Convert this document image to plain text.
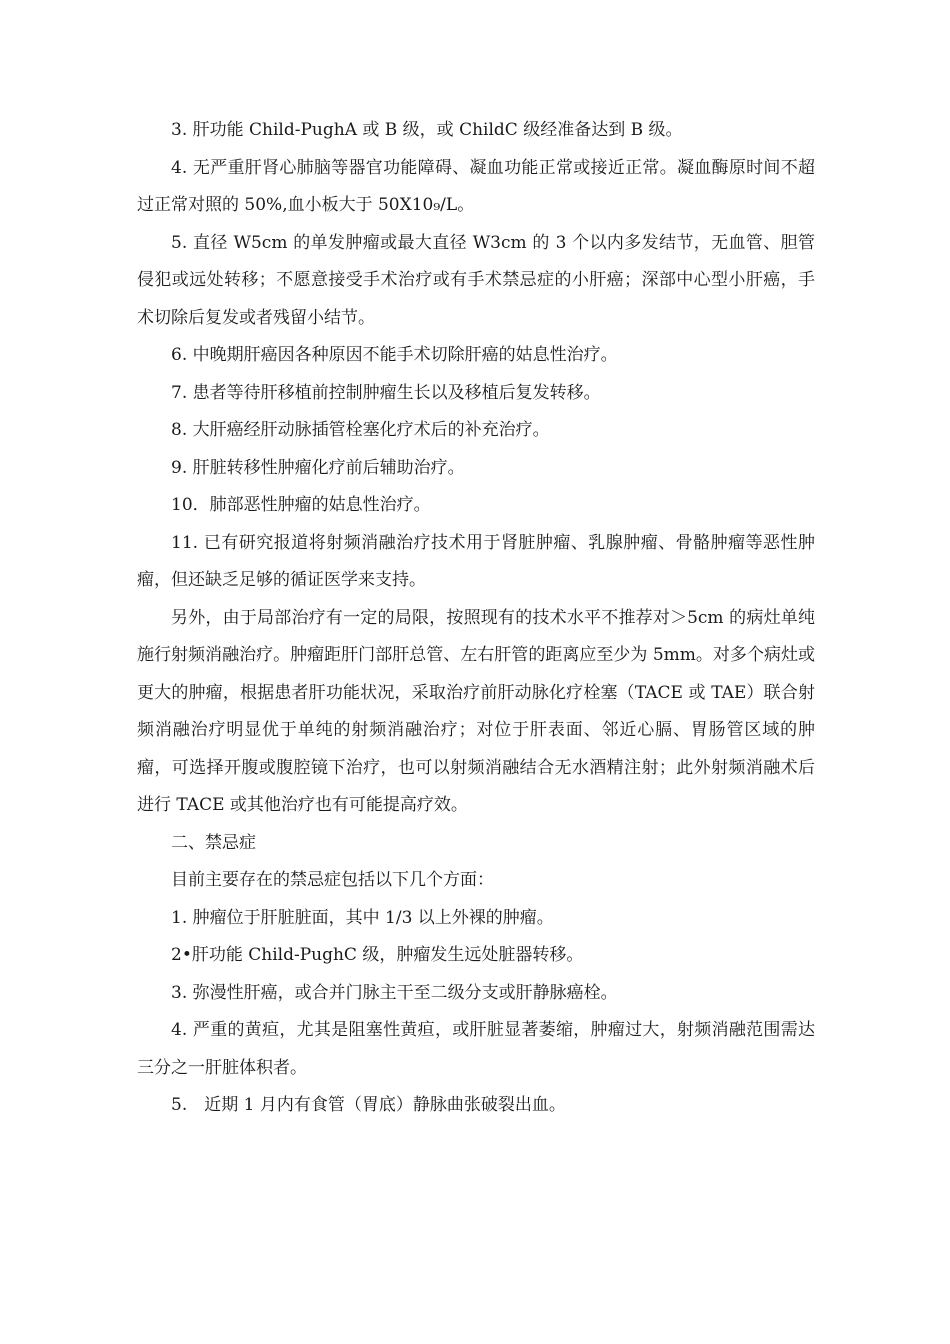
3. 肝功能 Child-PughA 或 B 级，或 ChildC 级经准备达到 B 级。

4. 无严重肝肾心肺脑等器官功能障碍、凝血功能正常或接近正常。凝血酶原时间不超过正常对照的 50%,血小板大于 50X10₉/L。

5. 直径 W5cm 的单发肿瘤或最大直径 W3cm 的 3 个以内多发结节，无血管、胆管侵犯或远处转移；不愿意接受手术治疗或有手术禁忌症的小肝癌；深部中心型小肝癌，手术切除后复发或者残留小结节。

6. 中晚期肝癌因各种原因不能手术切除肝癌的姑息性治疗。

7. 患者等待肝移植前控制肿瘤生长以及移植后复发转移。

8. 大肝癌经肝动脉插管栓塞化疗术后的补充治疗。

9. 肝脏转移性肿瘤化疗前后辅助治疗。

10．肺部恶性肿瘤的姑息性治疗。

11. 已有研究报道将射频消融治疗技术用于肾脏肿瘤、乳腺肿瘤、骨骼肿瘤等恶性肿瘤，但还缺乏足够的循证医学来支持。

另外，由于局部治疗有一定的局限，按照现有的技术水平不推荐对＞5cm 的病灶单纯施行射频消融治疗。肿瘤距肝门部肝总管、左右肝管的距离应至少为 5mm。对多个病灶或更大的肿瘤，根据患者肝功能状况，采取治疗前肝动脉化疗栓塞（TACE 或 TAE）联合射频消融治疗明显优于单纯的射频消融治疗；对位于肝表面、邻近心膈、胃肠管区域的肿瘤，可选择开腹或腹腔镜下治疗，也可以射频消融结合无水酒精注射；此外射频消融术后进行 TACE 或其他治疗也有可能提高疗效。

二、禁忌症

目前主要存在的禁忌症包括以下几个方面：

1. 肿瘤位于肝脏脏面，其中 1/3 以上外裸的肿瘤。

2•肝功能 Child-PughC 级，肿瘤发生远处脏器转移。

3. 弥漫性肝癌，或合并门脉主干至二级分支或肝静脉癌栓。

4. 严重的黄疸，尤其是阻塞性黄疸，或肝脏显著萎缩，肿瘤过大，射频消融范围需达三分之一肝脏体积者。

5.　近期 1 月内有食管（胃底）静脉曲张破裂出血。
